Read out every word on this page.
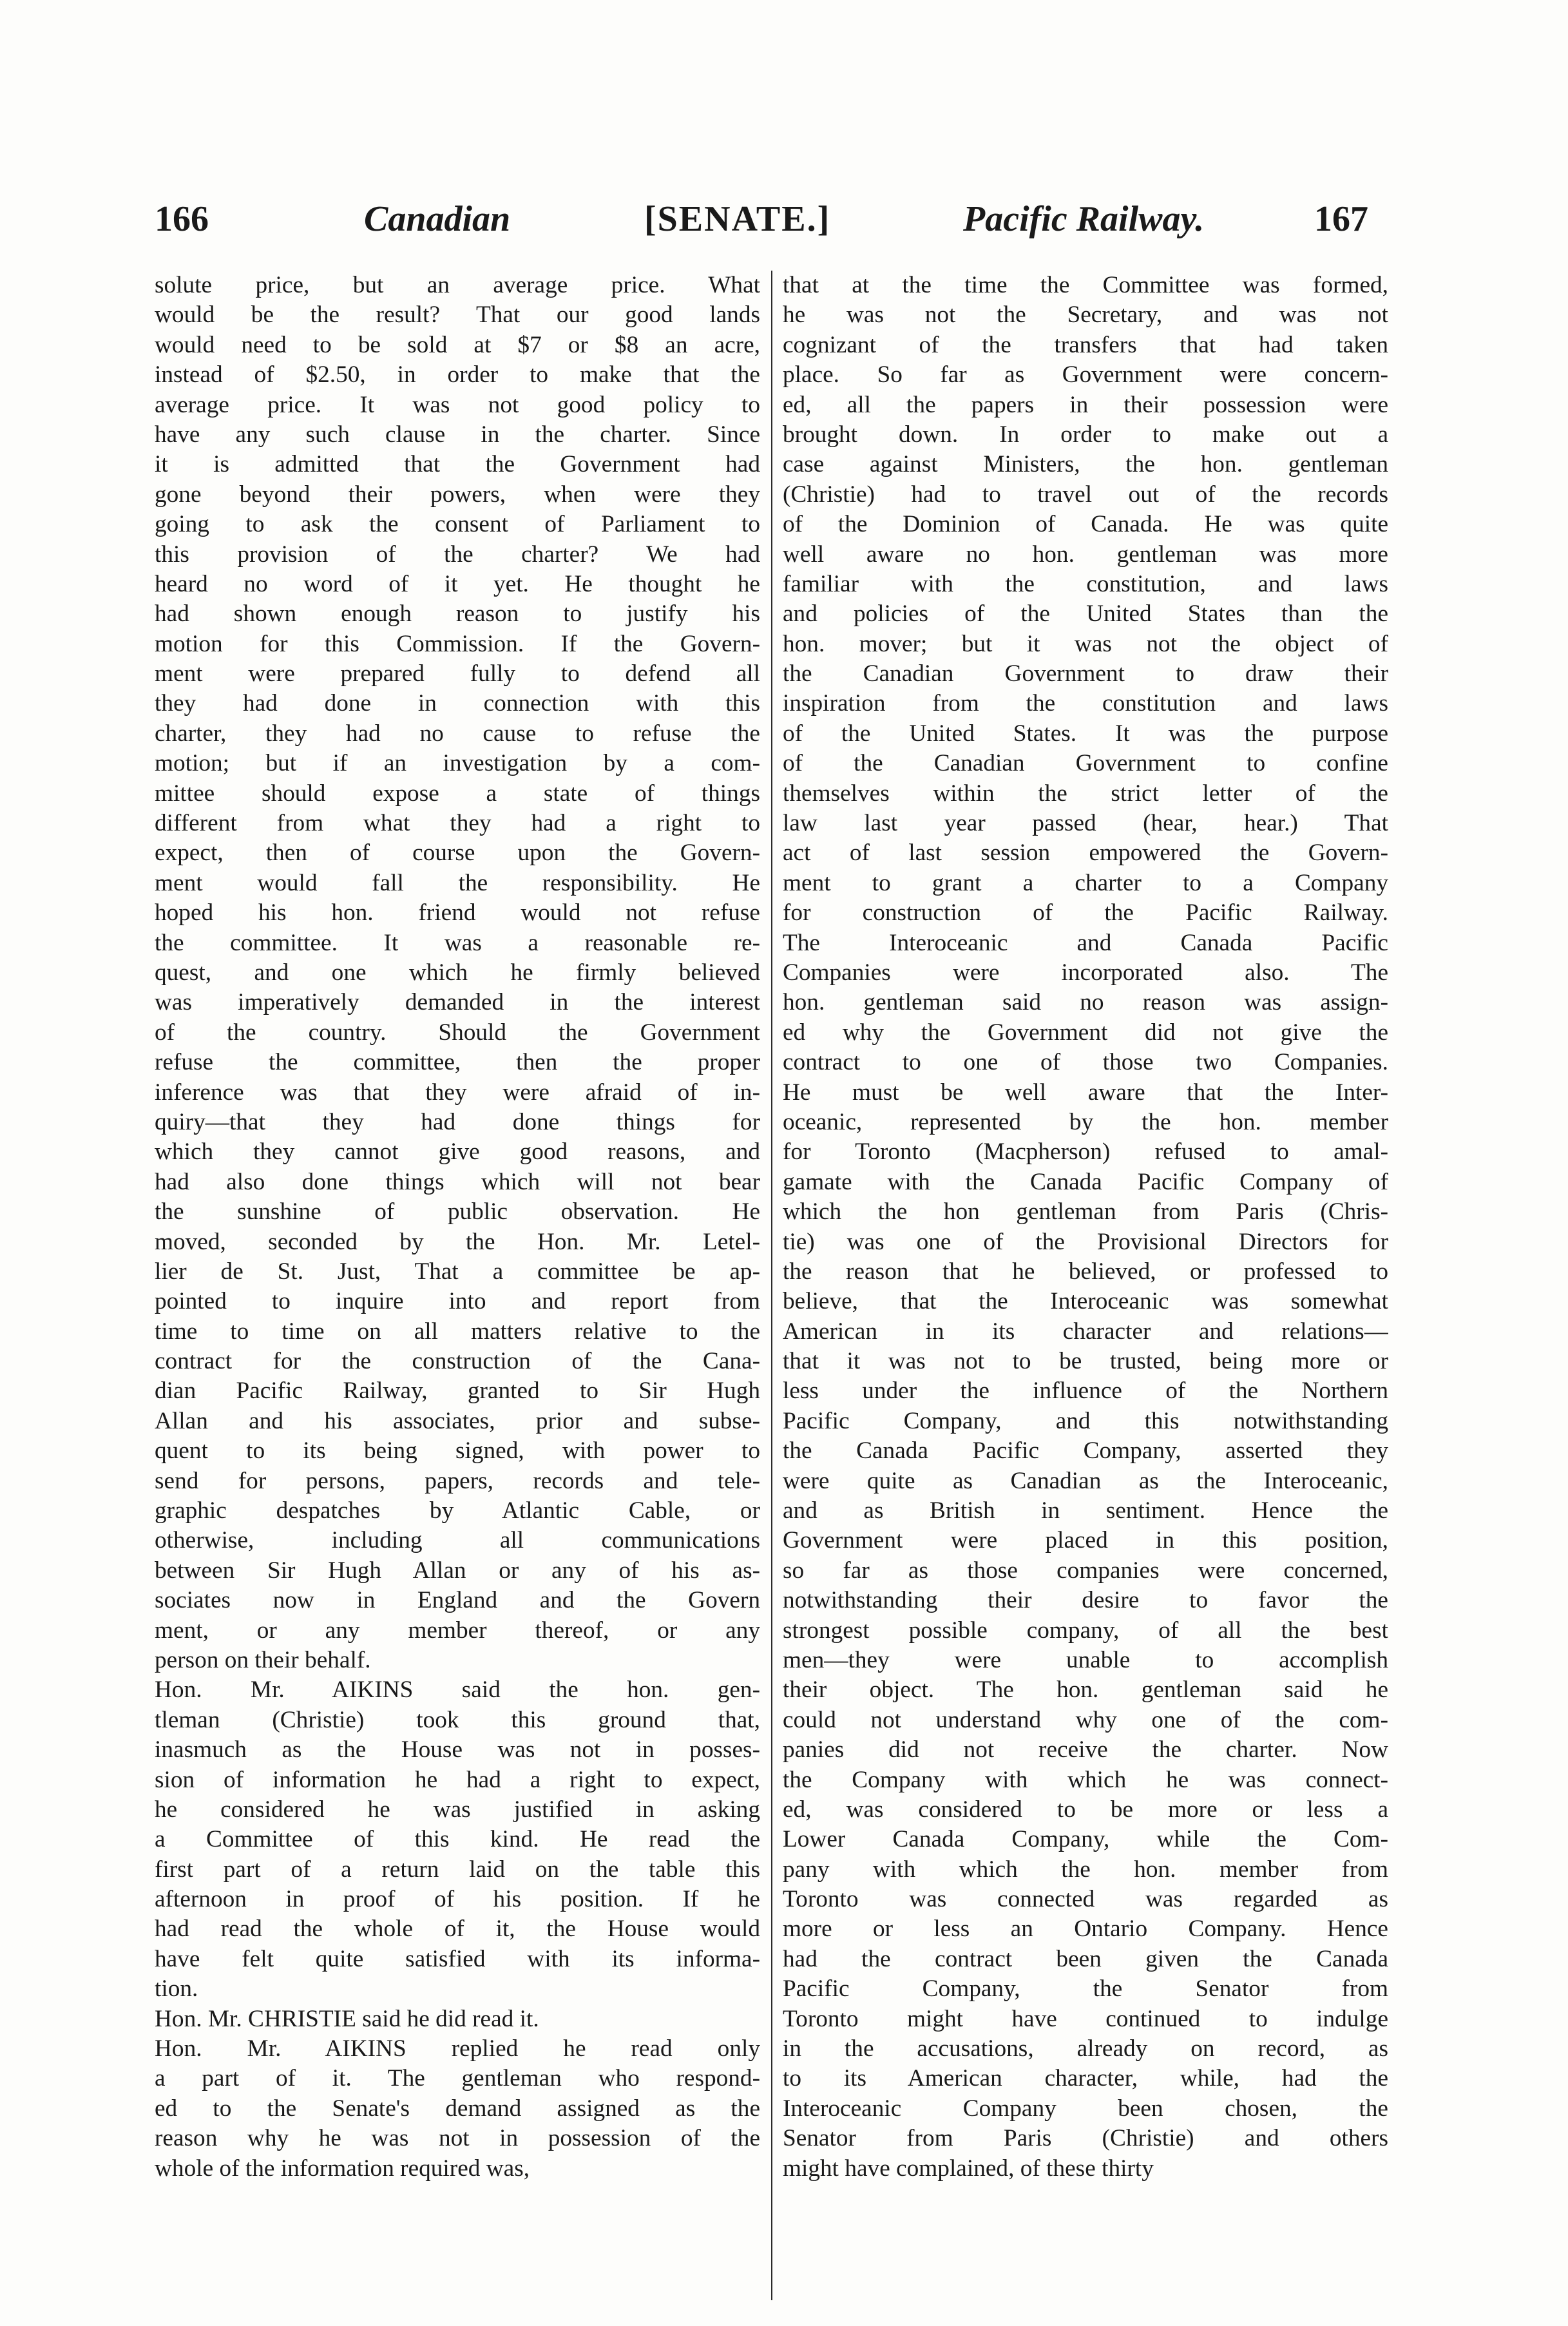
166	Canadian	[SENATE.]	Pacific Railway.	167
solute price, but an average price. What
would be the result? That our good lands
would need to be sold at $7 or $8 an acre,
instead of $2.50, in order to make that the
average price. It was not good policy to
have any such clause in the charter. Since
it is admitted that the Government had
gone beyond their powers, when were they
going to ask the consent of Parliament to
this provision of the charter? We had
heard no word of it yet. He thought he
had shown enough reason to justify his
motion for this Commission. If the Govern-
ment were prepared fully to defend all
they had done in connection with this
charter, they had no cause to refuse the
motion; but if an investigation by a com-
mittee should expose a state of things
different from what they had a right to
expect, then of course upon the Govern-
ment would fall the responsibility. He
hoped his hon. friend would not refuse
the committee. It was a reasonable re-
quest, and one which he firmly believed
was imperatively demanded in the interest
of the country. Should the Government
refuse the committee, then the proper
inference was that they were afraid of in-
quiry—that they had done things for
which they cannot give good reasons, and
had also done things which will not bear
the sunshine of public observation. He
moved, seconded by the Hon. Mr. Letel-
lier de St. Just, That a committee be ap-
pointed to inquire into and report from
time to time on all matters relative to the
contract for the construction of the Cana-
dian Pacific Railway, granted to Sir Hugh
Allan and his associates, prior and subse-
quent to its being signed, with power to
send for persons, papers, records and tele-
graphic despatches by Atlantic Cable, or
otherwise, including all communications
between Sir Hugh Allan or any of his as-
sociates now in England and the Govern
ment, or any member thereof, or any
person on their behalf.
Hon. Mr. AIKINS said the hon. gen-
tleman (Christie) took this ground that,
inasmuch as the House was not in posses-
sion of information he had a right to expect,
he considered he was justified in asking
a Committee of this kind. He read the
first part of a return laid on the table this
afternoon in proof of his position. If he
had read the whole of it, the House would
have felt quite satisfied with its informa-
tion.
Hon. Mr. CHRISTIE said he did read it.
Hon. Mr. AIKINS replied he read only
a part of it. The gentleman who respond-
ed to the Senate's demand assigned as the
reason why he was not in possession of the
whole of the information required was,
that at the time the Committee was formed,
he was not the Secretary, and was not
cognizant of the transfers that had taken
place. So far as Government were concern-
ed, all the papers in their possession were
brought down. In order to make out a
case against Ministers, the hon. gentleman
(Christie) had to travel out of the records
of the Dominion of Canada. He was quite
well aware no hon. gentleman was more
familiar with the constitution, and laws
and policies of the United States than the
hon. mover; but it was not the object of
the Canadian Government to draw their
inspiration from the constitution and laws
of the United States. It was the purpose
of the Canadian Government to confine
themselves within the strict letter of the
law last year passed (hear, hear.) That
act of last session empowered the Govern-
ment to grant a charter to a Company
for construction of the Pacific Railway.
The Interoceanic and Canada Pacific
Companies were incorporated also. The
hon. gentleman said no reason was assign-
ed why the Government did not give the
contract to one of those two Companies.
He must be well aware that the Inter-
oceanic, represented by the hon. member
for Toronto (Macpherson) refused to amal-
gamate with the Canada Pacific Company of
which the hon gentleman from Paris (Chris-
tie) was one of the Provisional Directors for
the reason that he believed, or professed to
believe, that the Interoceanic was somewhat
American in its character and relations—
that it was not to be trusted, being more or
less under the influence of the Northern
Pacific Company, and this notwithstanding
the Canada Pacific Company, asserted they
were quite as Canadian as the Interoceanic,
and as British in sentiment. Hence the
Government were placed in this position,
so far as those companies were concerned,
notwithstanding their desire to favor the
strongest possible company, of all the best
men—they were unable to accomplish
their object. The hon. gentleman said he
could not understand why one of the com-
panies did not receive the charter. Now
the Company with which he was connect-
ed, was considered to be more or less a
Lower Canada Company, while the Com-
pany with which the hon. member from
Toronto was connected was regarded as
more or less an Ontario Company. Hence
had the contract been given the Canada
Pacific Company, the Senator from
Toronto might have continued to indulge
in the accusations, already on record, as
to its American character, while, had the
Interoceanic Company been chosen, the
Senator from Paris (Christie) and others
might have complained, of these thirty
